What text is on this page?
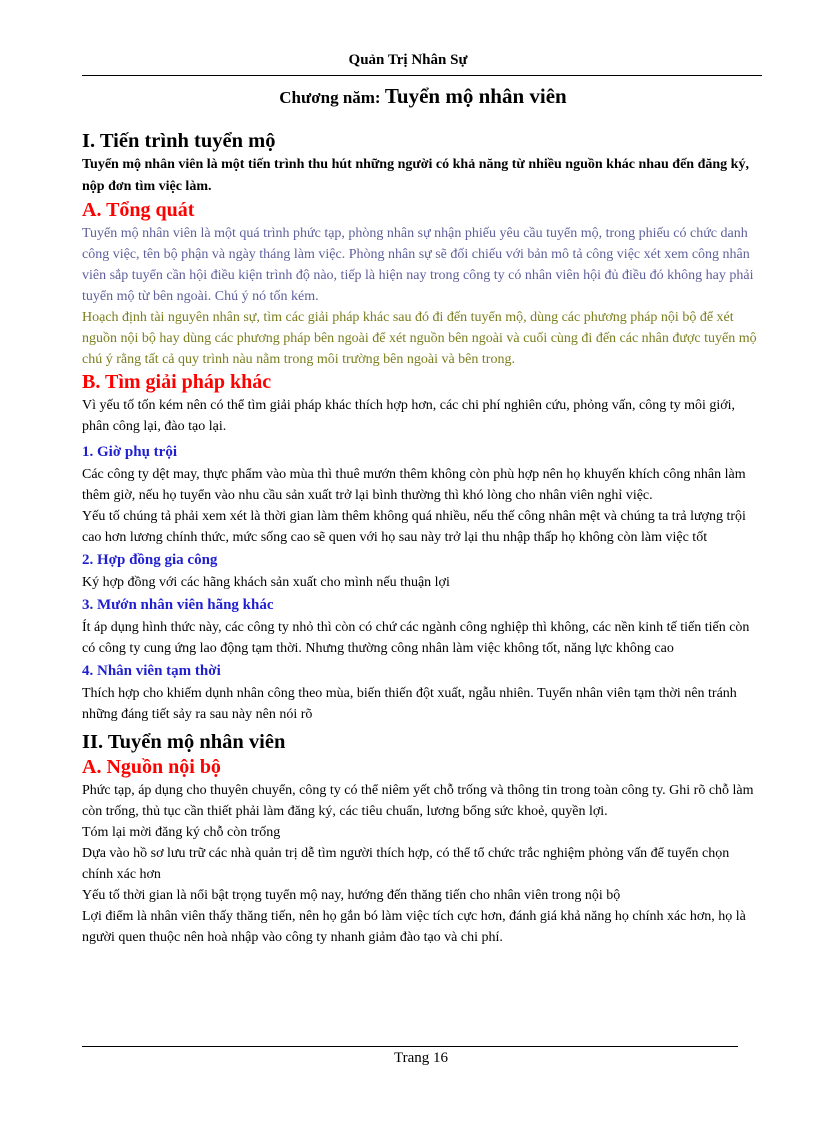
Quản Trị Nhân Sự
Chương năm: Tuyển mộ nhân viên
I. Tiến trình tuyển mộ

Tuyển mộ nhân viên là một tiến trình thu hút những người có khả năng từ nhiều nguồn khác nhau đến đăng ký, nộp đơn tìm việc làm.

A. Tổng quát

Tuyển mộ nhân viên là một quá trình phức tạp, phòng nhân sự nhận phiếu yêu cầu tuyển mộ, trong phiếu có chức danh công việc, tên bộ phận và ngày tháng làm việc. Phòng nhân sự sẽ đối chiếu với bản mô tả công việc xét xem công nhân viên sắp tuyển cần hội điều kiện trình độ nào, tiếp là hiện nay trong công ty có nhân viên hội đủ điều đó không hay phải tuyển mộ từ bên ngoài. Chú ý nó tốn kém.

Hoạch định tài nguyên nhân sự, tìm các giải pháp khác sau đó đi đến tuyển mộ, dùng các phương pháp nội bộ để xét nguồn nội bộ hay dùng các phương pháp bên ngoài để xét nguồn bên ngoài và cuối cùng đi đến các nhân được tuyển mộ chú ý rằng tất cả quy trình nàu nằm trong môi trường bên ngoài và bên trong.

B. Tìm giải pháp khác

Vì yếu tố tốn kém nên có thể tìm giải pháp khác thích hợp hơn, các chi phí nghiên cứu, phỏng vấn, công ty môi giới, phân công lại, đào tạo lại.

1. Giờ phụ trội

Các công ty dệt may, thực phẩm vào mùa thì thuê mướn thêm không còn phù hợp nên họ khuyến khích công nhân làm thêm giờ, nếu họ tuyển vào nhu cầu sản xuất trở lại bình thường thì khó lòng cho nhân viên nghỉ việc.

Yếu tố chúng tả phải xem xét là thời gian làm thêm không quá nhiều, nếu thế công nhân mệt và chúng ta trả lượng trội cao hơn lương chính thức, mức sống cao sẽ quen với họ sau này trở lại thu nhập thấp họ không còn làm việc tốt

2. Hợp đồng gia công

Ký hợp đồng với các hãng khách sản xuất cho mình nếu thuận lợi

3. Mướn nhân viên hãng khác

Ít áp dụng hình thức này, các công ty nhỏ thì còn có chứ các ngành công nghiệp thì không, các nền kinh tế tiến tiến còn có công ty cung ứng lao động tạm thời. Nhưng thường công nhân làm việc không tốt, năng lực không cao

4. Nhân viên tạm thời

Thích hợp cho khiếm dụnh nhân công theo mùa, biến thiến đột xuất, ngẫu nhiên. Tuyển nhân viên tạm thời nên tránh những đáng tiết sảy ra sau này nên nói rõ

II. Tuyển mộ nhân viên
A. Nguồn nội bộ

Phức tạp, áp dụng cho thuyên chuyển, công ty có thể niêm yết chỗ trống và thông tin trong toàn công ty. Ghi rõ chỗ làm còn trống, thủ tục cần thiết phải làm đăng ký, các tiêu chuẩn, lương bổng sức khoẻ, quyền lợi.

Tóm lại mời đăng ký chỗ còn trống

Dựa vào hồ sơ lưu trữ các nhà quản trị dễ tìm người thích hợp, có thể tổ chức trắc nghiệm phỏng vấn để tuyển chọn chính xác hơn

Yếu tố thời gian là nổi bật trọng tuyển mộ nay, hướng đến thăng tiến cho nhân viên trong nội bộ

Lợi điểm là nhân viên thấy thăng tiến, nên họ gắn bó làm việc tích cực hơn, đánh giá khả năng họ chính xác hơn, họ là người quen thuộc nên hoà nhập vào công ty nhanh giảm đào tạo và chi phí.

Trang 16
